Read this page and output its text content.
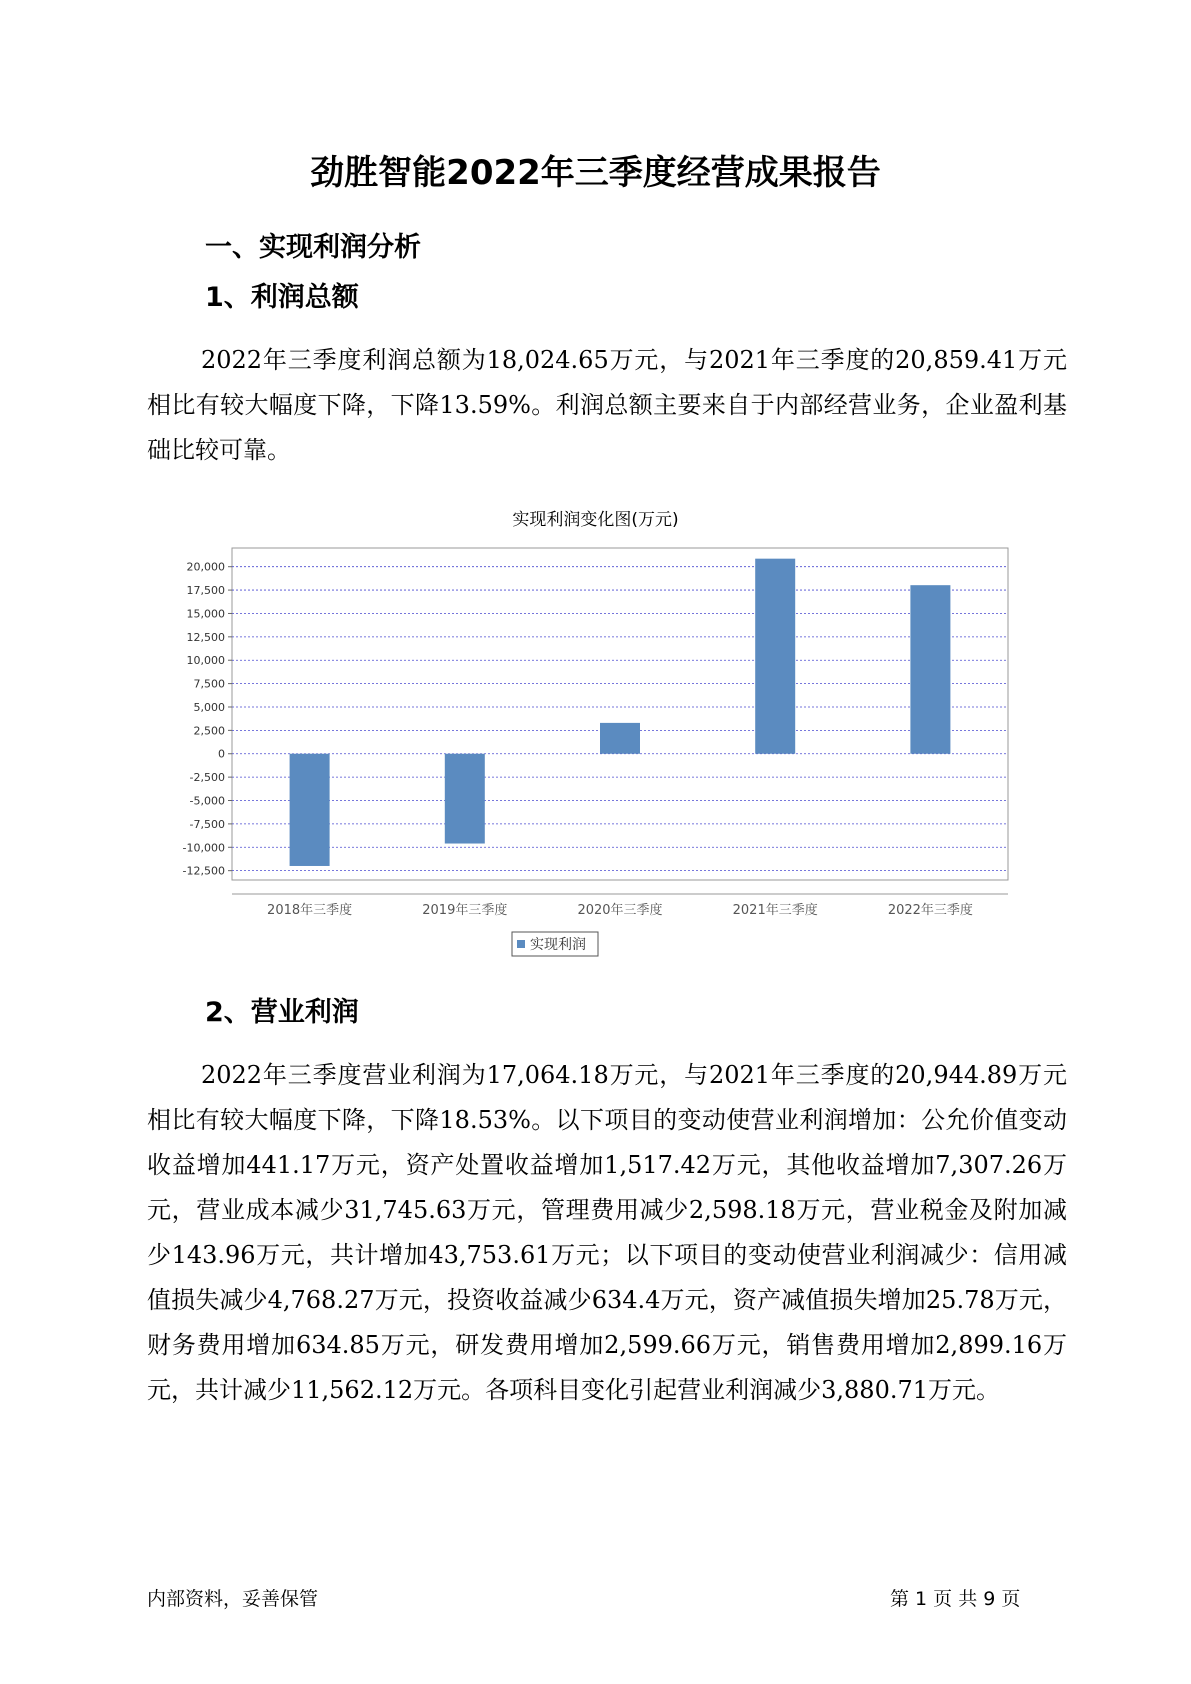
劲胜智能2022年三季度经营成果报告
一、实现利润分析
1、利润总额

2022年三季度利润总额为18,024.65万元，与2021年三季度的20,859.41万元相比有较大幅度下降，下降13.59%。利润总额主要来自于内部经营业务，企业盈利基础比较可靠。

实现利润变化图(万元)
20,000
17,500
15,000
12,500
10,000
7,500
5,000
2,500
0
-2,500
-5,000
-7,500
-10,000
-12,500
2018年三季度	2019年三季度	2020年三季度	2021年三季度	2022年三季度
实现利润
2、营业利润

2022年三季度营业利润为17,064.18万元，与2021年三季度的20,944.89万元相比有较大幅度下降，下降18.53%。以下项目的变动使营业利润增加：公允价值变动收益增加441.17万元，资产处置收益增加1,517.42万元，其他收益增加7,307.26万元，营业成本减少31,745.63万元，管理费用减少2,598.18万元，营业税金及附加减少143.96万元，共计增加43,753.61万元；以下项目的变动使营业利润减少：信用减值损失减少4,768.27万元，投资收益减少634.4万元，资产减值损失增加25.78万元，财务费用增加634.85万元，研发费用增加2,599.66万元，销售费用增加2,899.16万元，共计减少11,562.12万元。各项科目变化引起营业利润减少3,880.71万元。

内部资料，妥善保管	第 1 页 共 9 页
